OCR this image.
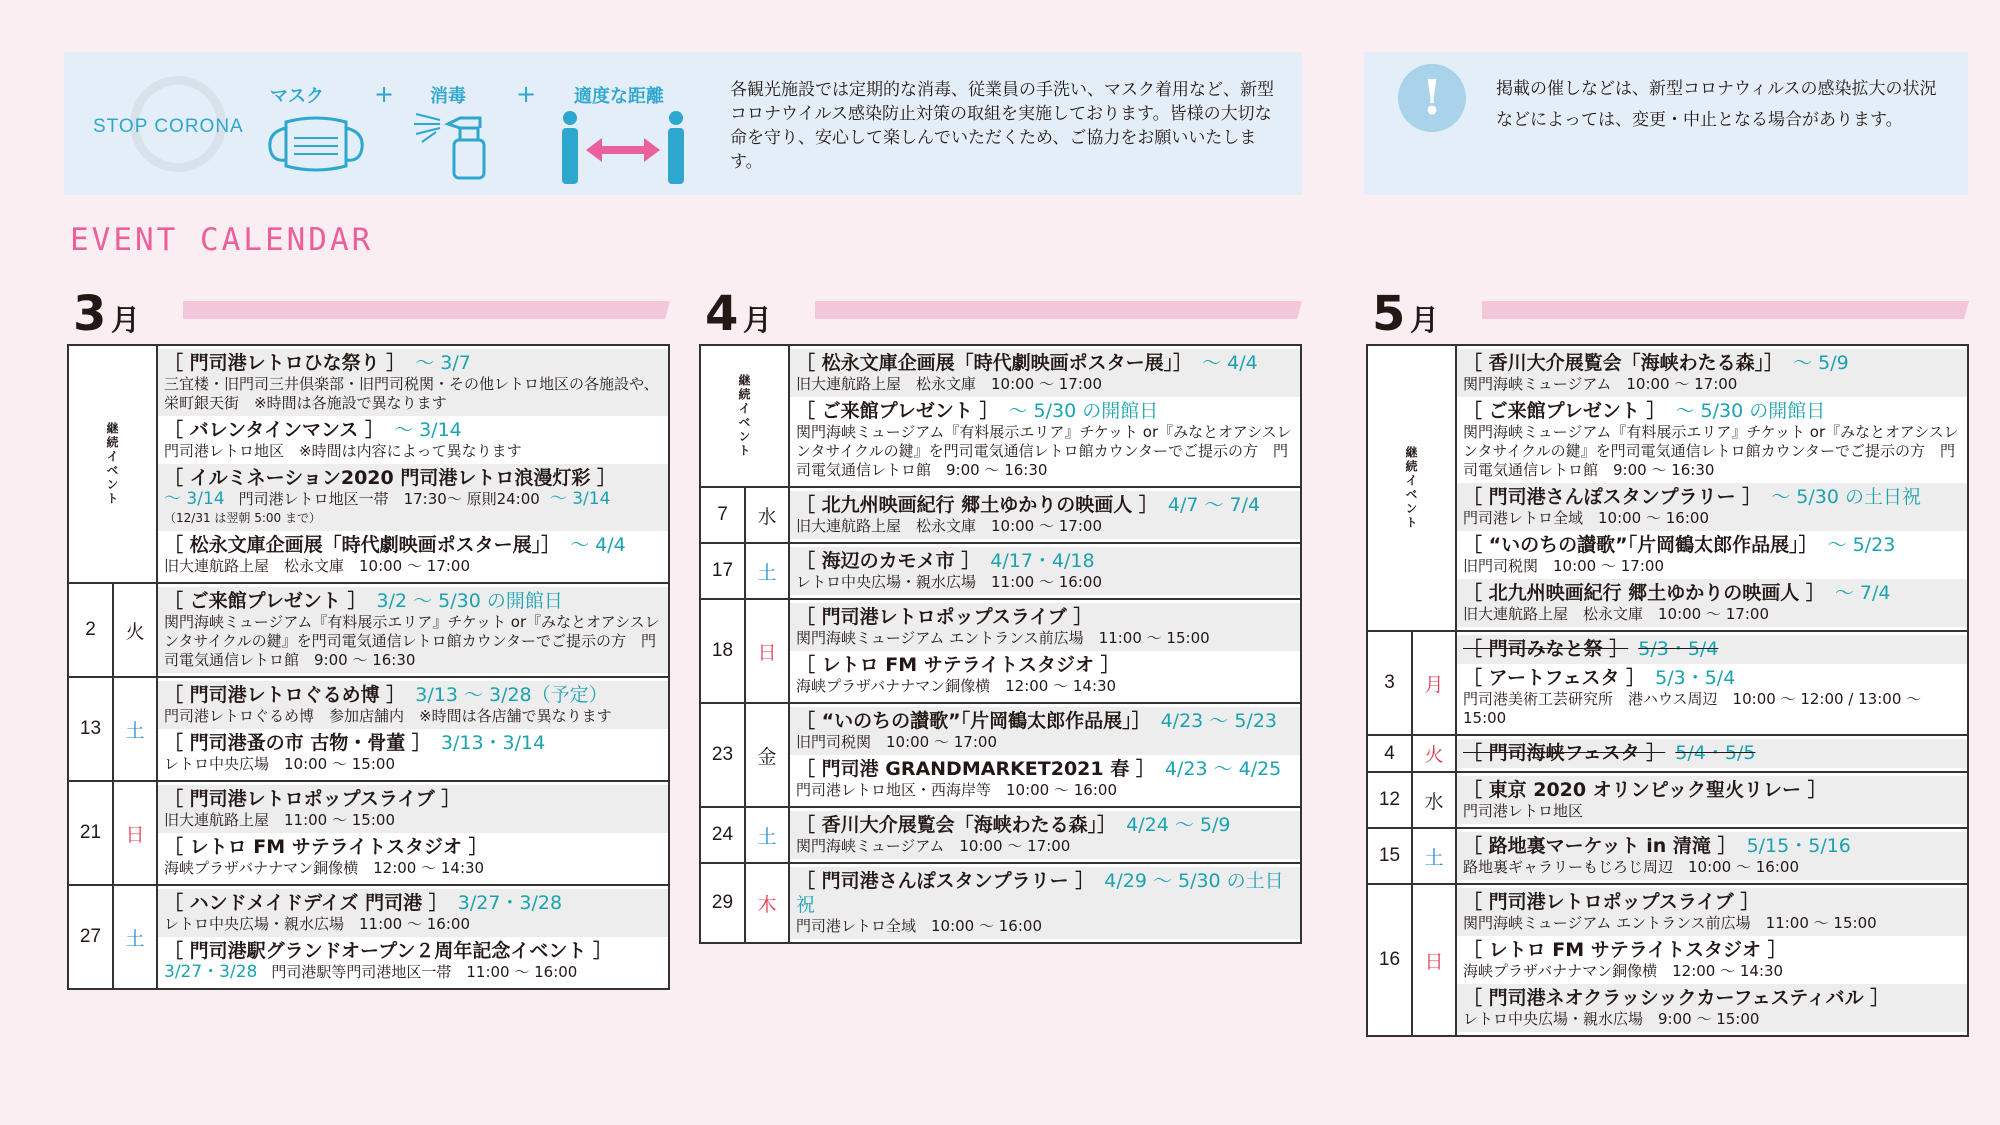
STOP CORONA
マスク + 消毒 + 適度な距離	各観光施設では定期的な消毒、従業員の手洗い、マスク着用など、新型コロナウイルス感染防止対策の取組を実施しております。皆様の大切な命を守り、安心して楽しんでいただくため、ご協力をお願いいたします。
!	掲載の催しなどは、新型コロナウィルスの感染拡大の状況などによっては、変更・中止となる場合があります。
EVENT CALENDAR
3 月
継続イベント
［ 門司港レトロひな祭り ］ ～ 3/7
三宜楼・旧門司三井倶楽部・旧門司税関・その他レトロ地区の各施設や、栄町銀天街　※時間は各施設で異なります
［ バレンタインマンス ］ ～ 3/14
門司港レトロ地区　※時間は内容によって異なります
［ イルミネーション2020 門司港レトロ浪漫灯彩 ］
～ 3/14 門司港レトロ地区一帯　17:30～ 原則24:00 ～ 3/14
（12/31 は翌朝 5:00 まで）
［ 松永文庫企画展「時代劇映画ポスター展」］ ～ 4/4
旧大連航路上屋　松永文庫　10:00 ～ 17:00
2	火
［ ご来館プレゼント ］ 3/2 ～ 5/30 の開館日
関門海峡ミュージアム『有料展示エリア』チケット or『みなとオアシスレンタサイクルの鍵』を門司電気通信レトロ館カウンターでご提示の方　門司電気通信レトロ館　9:00 ～ 16:30
13	土
［ 門司港レトロぐるめ博 ］ 3/13 ～ 3/28（予定）
門司港レトロぐるめ博　参加店舗内　※時間は各店舗で異なります
［ 門司港蚤の市 古物・骨董 ］ 3/13・3/14
レトロ中央広場　10:00 ～ 15:00
21	日
［ 門司港レトロポップスライブ ］
旧大連航路上屋　11:00 ～ 15:00
［ レトロ FM サテライトスタジオ ］
海峡プラザバナナマン銅像横　12:00 ～ 14:30
27	土
［ ハンドメイドデイズ 門司港 ］ 3/27・3/28
レトロ中央広場・親水広場　11:00 ～ 16:00
［ 門司港駅グランドオープン２周年記念イベント ］
3/27・3/28 門司港駅等門司港地区一帯　11:00 ～ 16:00
4 月
継続イベント
［ 松永文庫企画展「時代劇映画ポスター展」］ ～ 4/4
旧大連航路上屋　松永文庫　10:00 ～ 17:00
［ ご来館プレゼント ］ ～ 5/30 の開館日
関門海峡ミュージアム『有料展示エリア』チケット or『みなとオアシスレンタサイクルの鍵』を門司電気通信レトロ館カウンターでご提示の方　門司電気通信レトロ館　9:00 ～ 16:30
7	水
［ 北九州映画紀行 郷土ゆかりの映画人 ］ 4/7 ～ 7/4
旧大連航路上屋　松永文庫　10:00 ～ 17:00
17	土
［ 海辺のカモメ市 ］ 4/17・4/18
レトロ中央広場・親水広場　11:00 ～ 16:00
18	日
［ 門司港レトロポップスライブ ］
関門海峡ミュージアム エントランス前広場　11:00 ～ 15:00
［ レトロ FM サテライトスタジオ ］
海峡プラザバナナマン銅像横　12:00 ～ 14:30
23	金
［ “いのちの讃歌”「片岡鶴太郎作品展」］ 4/23 ～ 5/23
旧門司税関　10:00 ～ 17:00
［ 門司港 GRANDMARKET2021 春 ］ 4/23 ～ 4/25
門司港レトロ地区・西海岸等　10:00 ～ 16:00
24	土
［ 香川大介展覧会「海峡わたる森」］ 4/24 ～ 5/9
関門海峡ミュージアム　10:00 ～ 17:00
29	木
［ 門司港さんぽスタンプラリー ］ 4/29 ～ 5/30 の土日祝
門司港レトロ全域　10:00 ～ 16:00
5 月
継続イベント
［ 香川大介展覧会「海峡わたる森」］ ～ 5/9
関門海峡ミュージアム　10:00 ～ 17:00
［ ご来館プレゼント ］ ～ 5/30 の開館日
関門海峡ミュージアム『有料展示エリア』チケット or『みなとオアシスレンタサイクルの鍵』を門司電気通信レトロ館カウンターでご提示の方　門司電気通信レトロ館　9:00 ～ 16:30
［ 門司港さんぽスタンプラリー ］ ～ 5/30 の土日祝
門司港レトロ全域　10:00 ～ 16:00
［ “いのちの讃歌”「片岡鶴太郎作品展」］ ～ 5/23
旧門司税関　10:00 ～ 17:00
［ 北九州映画紀行 郷土ゆかりの映画人 ］ ～ 7/4
旧大連航路上屋　松永文庫　10:00 ～ 17:00
3	月
［ 門司みなと祭 ］ 5/3・5/4
［ アートフェスタ ］ 5/3・5/4
門司港美術工芸研究所　港ハウス周辺　10:00 ～ 12:00 / 13:00 ～ 15:00
4	火	［ 門司海峡フェスタ ］ 5/4・5/5
12	水
［ 東京 2020 オリンピック聖火リレー ］
門司港レトロ地区
15	土
［ 路地裏マーケット in 清滝 ］ 5/15・5/16
路地裏ギャラリーもじろじ周辺　10:00 ～ 16:00
16	日
［ 門司港レトロポップスライブ ］
関門海峡ミュージアム エントランス前広場　11:00 ～ 15:00
［ レトロ FM サテライトスタジオ ］
海峡プラザバナナマン銅像横　12:00 ～ 14:30
［ 門司港ネオクラッシックカーフェスティバル ］
レトロ中央広場・親水広場　9:00 ～ 15:00
